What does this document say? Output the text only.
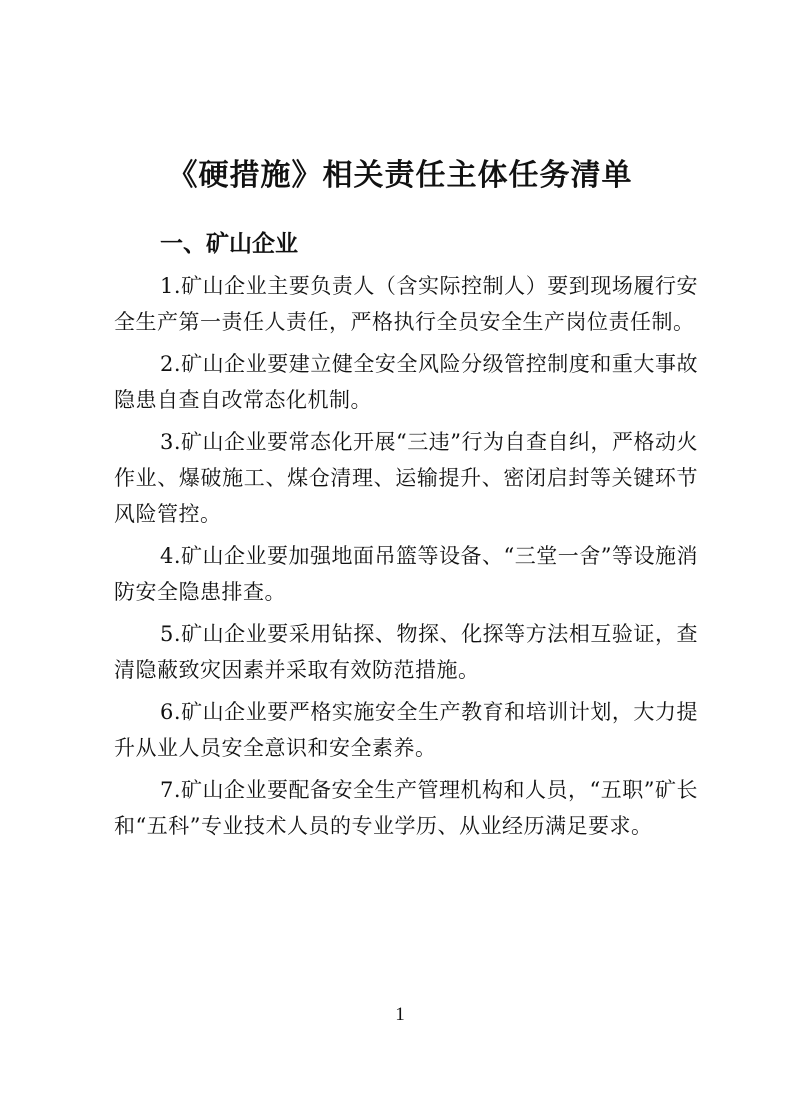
《硬措施》相关责任主体任务清单
一、矿山企业

1.矿山企业主要负责人（含实际控制人）要到现场履行安全生产第一责任人责任，严格执行全员安全生产岗位责任制。

2.矿山企业要建立健全安全风险分级管控制度和重大事故隐患自查自改常态化机制。

3.矿山企业要常态化开展“三违”行为自查自纠，严格动火作业、爆破施工、煤仓清理、运输提升、密闭启封等关键环节风险管控。

4.矿山企业要加强地面吊篮等设备、“三堂一舍”等设施消防安全隐患排查。

5.矿山企业要采用钻探、物探、化探等方法相互验证，查清隐蔽致灾因素并采取有效防范措施。

6.矿山企业要严格实施安全生产教育和培训计划，大力提升从业人员安全意识和安全素养。

7.矿山企业要配备安全生产管理机构和人员，“五职”矿长和“五科”专业技术人员的专业学历、从业经历满足要求。

1
